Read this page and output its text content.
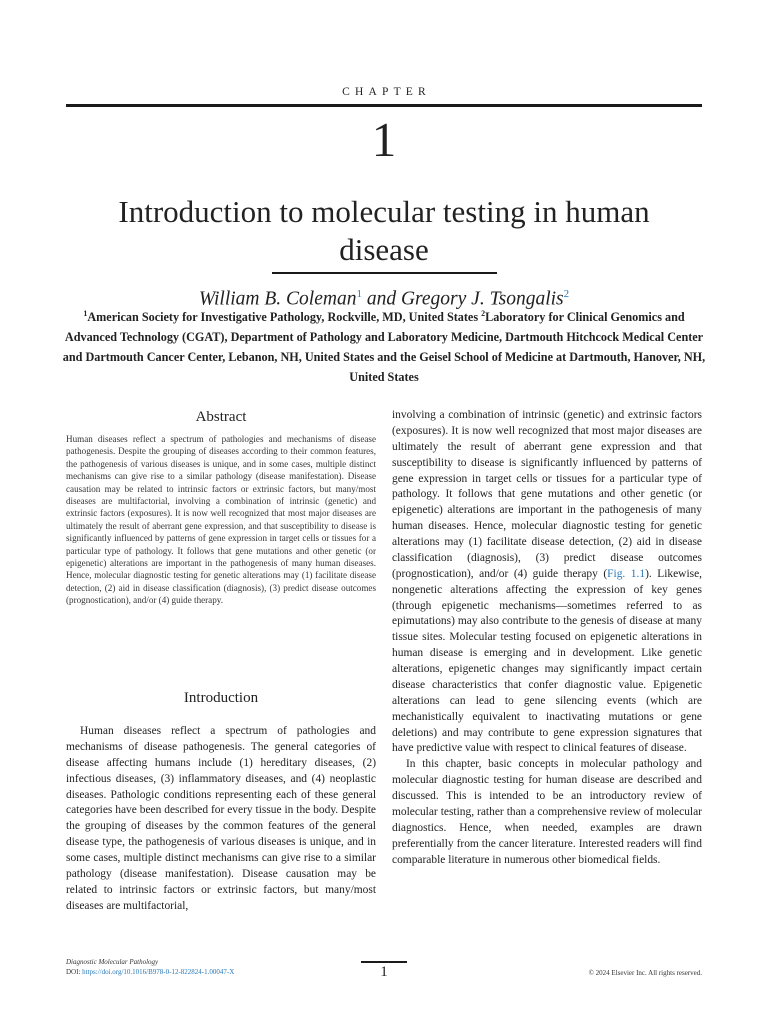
CHAPTER
1
Introduction to molecular testing in human disease
William B. Coleman$^1$ and Gregory J. Tsongalis$^2$
$^1$American Society for Investigative Pathology, Rockville, MD, United States $^2$Laboratory for Clinical Genomics and Advanced Technology (CGAT), Department of Pathology and Laboratory Medicine, Dartmouth Hitchcock Medical Center and Dartmouth Cancer Center, Lebanon, NH, United States and the Geisel School of Medicine at Dartmouth, Hanover, NH, United States
Abstract
Human diseases reflect a spectrum of pathologies and mechanisms of disease pathogenesis. Despite the grouping of diseases according to their common features, the pathogenesis of various diseases is unique, and in some cases, multiple distinct mechanisms can give rise to a similar pathology (disease manifestation). Disease causation may be related to intrinsic factors or extrinsic factors, but many/most diseases are multifactorial, involving a combination of intrinsic (genetic) and extrinsic factors (exposures). It is now well recognized that most major diseases are ultimately the result of aberrant gene expression, and that susceptibility to disease is significantly influenced by patterns of gene expression in target cells or tissues for a particular type of pathology. It follows that gene mutations and other genetic (or epigenetic) alterations are important in the pathogenesis of many human diseases. Hence, molecular diagnostic testing for genetic alterations may (1) facilitate disease detection, (2) aid in disease classification (diagnosis), (3) predict disease outcomes (prognostication), and/or (4) guide therapy.
Introduction

Human diseases reflect a spectrum of pathologies and mechanisms of disease pathogenesis. The general categories of disease affecting humans include (1) hereditary diseases, (2) infectious diseases, (3) inflammatory diseases, and (4) neoplastic diseases. Pathologic conditions representing each of these general categories have been described for every tissue in the body. Despite the grouping of diseases by the common features of the general disease type, the pathogenesis of various diseases is unique, and in some cases, multiple distinct mechanisms can give rise to a similar pathology (disease manifestation). Disease causation may be related to intrinsic factors or extrinsic factors, but many/most diseases are multifactorial,

involving a combination of intrinsic (genetic) and extrinsic factors (exposures). It is now well recognized that most major diseases are ultimately the result of aberrant gene expression and that susceptibility to disease is significantly influenced by patterns of gene expression in target cells or tissues for a particular type of pathology. It follows that gene mutations and other genetic (or epigenetic) alterations are important in the pathogenesis of many human diseases. Hence, molecular diagnostic testing for genetic alterations may (1) facilitate disease detection, (2) aid in disease classification (diagnosis), (3) predict disease outcomes (prognostication), and/or (4) guide therapy (Fig. 1.1). Likewise, nongenetic alterations affecting the expression of key genes (through epigenetic mechanisms—sometimes referred to as epimutations) may also contribute to the genesis of disease at many tissue sites. Molecular testing focused on epigenetic alterations in human disease is emerging and in development. Like genetic alterations, epigenetic changes may significantly impact certain disease characteristics that confer diagnostic value. Epigenetic alterations can lead to gene silencing events (which are mechanistically equivalent to inactivating mutations or gene deletions) and may contribute to gene expression signatures that have predictive value with respect to clinical features of disease.

In this chapter, basic concepts in molecular pathology and molecular diagnostic testing for human disease are described and discussed. This is intended to be an introductory review of molecular testing, rather than a comprehensive review of molecular diagnostics. Hence, when needed, examples are drawn preferentially from the cancer literature. Interested readers will find comparable literature in numerous other biomedical fields.

Diagnostic Molecular Pathology
DOI: https://doi.org/10.1016/B978-0-12-822824-1.00047-X	1	© 2024 Elsevier Inc. All rights reserved.
